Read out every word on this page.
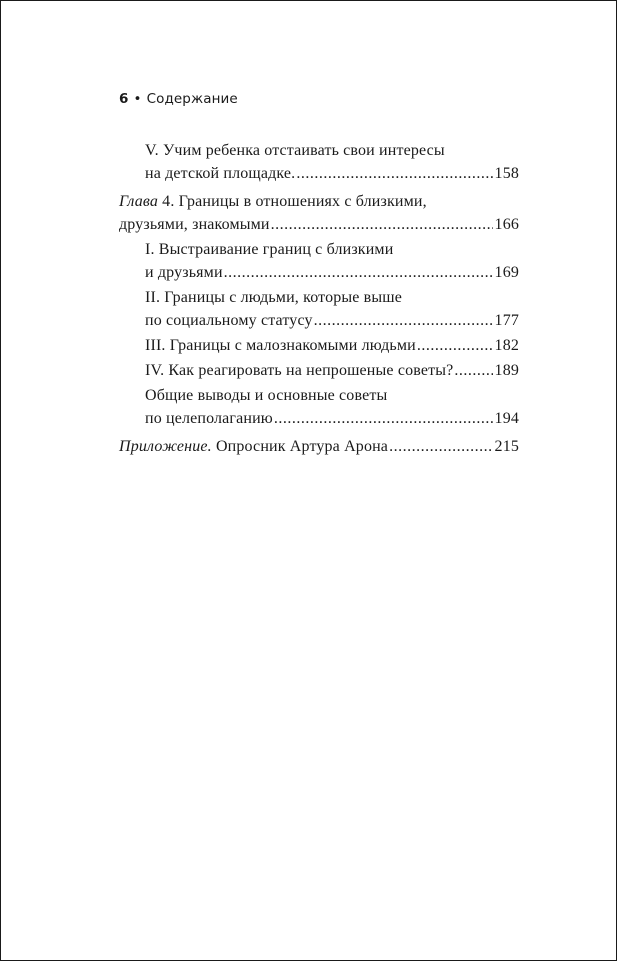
6 • Содержание
V. Учим ребенка отстаивать свои интересы
на детской площадке. .....	158
Глава 4. Границы в отношениях с близкими,
друзьями, знакомыми .....	166
I. Выстраивание границ с близкими
и друзьями .....	169
II. Границы с людьми, которые выше
по социальному статусу .....	177
III. Границы с малознакомыми людьми .....	182
IV. Как реагировать на непрошеные советы? .....	189
Общие выводы и основные советы
по целеполаганию .....	194
Приложение. Опросник Артура Арона .....	215
